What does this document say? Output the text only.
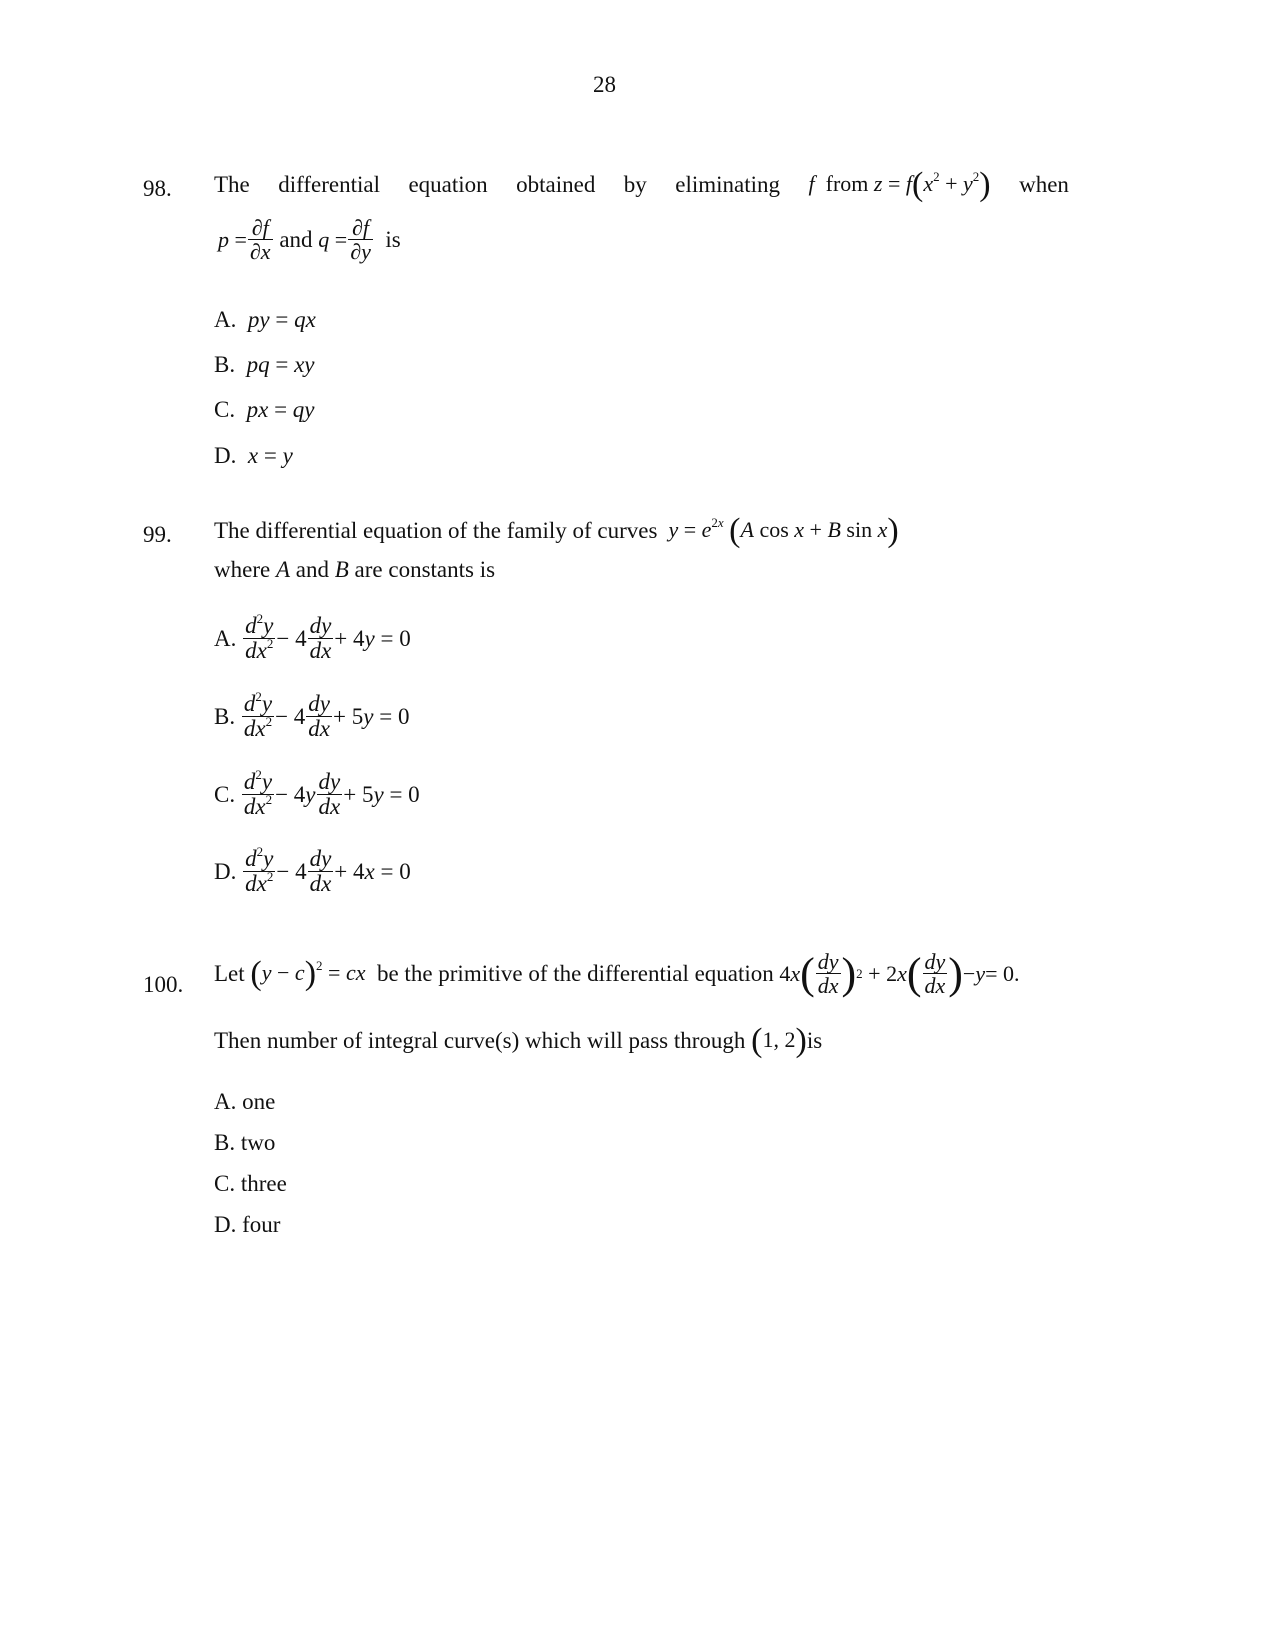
28
98. The differential equation obtained by eliminating f from $z = f(x^2 + y^2)$ when
$p = \frac{\partial f}{\partial x}$
and
$q = \frac{\partial f}{\partial y}$
is
A. py = qx
B. pq = xy
C. px = qy
D. x = y
99. The differential equation of the family of curves $y = e^{2x}$ (A cos x + B sin x)
where A and B are constants is
A.
$\frac{d^2y}{dx^2} - 4 \frac{dy}{dx} + 4y = 0$
B.
$\frac{d^2y}{dx^2} - 4 \frac{dy}{dx} + 5y = 0$
C.
$\frac{d^2y}{dx^2} - 4y \frac{dy}{dx} + 5y = 0$
D.
$\frac{d^2y}{dx^2} - 4 \frac{dy}{dx} + 4x = 0$
100. Let
$(y - c)^2$ = cx
be the primitive of the differential equation 4 x ( $\frac{dy}{dx}$ ) 2 + 2 x ( $\frac{dy}{dx}$ ) − y = 0.
Then number of integral curve(s) which will pass through
(1, 2) is
A. one
B. two
C. three
D. four
